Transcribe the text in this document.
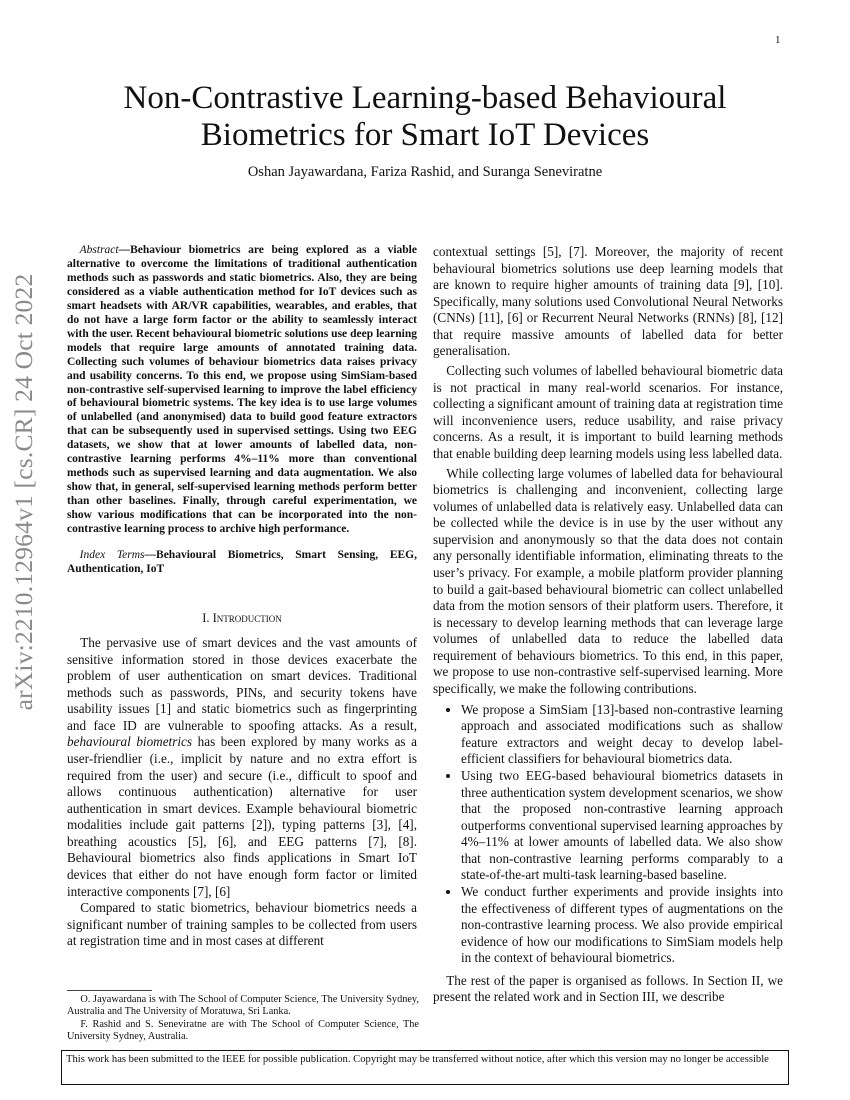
1
arXiv:2210.12964v1 [cs.CR] 24 Oct 2022
Non-Contrastive Learning-based Behavioural
Biometrics for Smart IoT Devices
Oshan Jayawardana, Fariza Rashid, and Suranga Seneviratne

Abstract—Behaviour biometrics are being explored as a viable alternative to overcome the limitations of traditional authentication methods such as passwords and static biometrics. Also, they are being considered as a viable authentication method for IoT devices such as smart headsets with AR/VR capabilities, wearables, and erables, that do not have a large form factor or the ability to seamlessly interact with the user. Recent behavioural biometric solutions use deep learning models that require large amounts of annotated training data. Collecting such volumes of behaviour biometrics data raises privacy and usability concerns. To this end, we propose using SimSiam-based non-contrastive self-supervised learning to improve the label efficiency of behavioural biometric systems. The key idea is to use large volumes of unlabelled (and anonymised) data to build good feature extractors that can be subsequently used in supervised settings. Using two EEG datasets, we show that at lower amounts of labelled data, non-contrastive learning performs 4%–11% more than conventional methods such as supervised learning and data augmentation. We also show that, in general, self-supervised learning methods perform better than other baselines. Finally, through careful experimentation, we show various modifications that can be incorporated into the non-contrastive learning process to archive high performance.

Index Terms—Behavioural Biometrics, Smart Sensing, EEG, Authentication, IoT

I. Introduction

The pervasive use of smart devices and the vast amounts of sensitive information stored in those devices exacerbate the problem of user authentication on smart devices. Traditional methods such as passwords, PINs, and security tokens have usability issues [1] and static biometrics such as fingerprinting and face ID are vulnerable to spoofing attacks. As a result, behavioural biometrics has been explored by many works as a user-friendlier (i.e., implicit by nature and no extra effort is required from the user) and secure (i.e., difficult to spoof and allows continuous authentication) alternative for user authentication in smart devices. Example behavioural biometric modalities include gait patterns [2]), typing patterns [3], [4], breathing acoustics [5], [6], and EEG patterns [7], [8]. Behavioural biometrics also finds applications in Smart IoT devices that either do not have enough form factor or limited interactive components [7], [6]

Compared to static biometrics, behaviour biometrics needs a significant number of training samples to be collected from users at registration time and in most cases at different

contextual settings [5], [7]. Moreover, the majority of recent behavioural biometrics solutions use deep learning models that are known to require higher amounts of training data [9], [10]. Specifically, many solutions used Convolutional Neural Networks (CNNs) [11], [6] or Recurrent Neural Networks (RNNs) [8], [12] that require massive amounts of labelled data for better generalisation.

Collecting such volumes of labelled behavioural biometric data is not practical in many real-world scenarios. For instance, collecting a significant amount of training data at registration time will inconvenience users, reduce usability, and raise privacy concerns. As a result, it is important to build learning methods that enable building deep learning models using less labelled data.

While collecting large volumes of labelled data for behavioural biometrics is challenging and inconvenient, collecting large volumes of unlabelled data is relatively easy. Unlabelled data can be collected while the device is in use by the user without any supervision and anonymously so that the data does not contain any personally identifiable information, eliminating threats to the user’s privacy. For example, a mobile platform provider planning to build a gait-based behavioural biometric can collect unlabelled data from the motion sensors of their platform users. Therefore, it is necessary to develop learning methods that can leverage large volumes of unlabelled data to reduce the labelled data requirement of behaviours biometrics. To this end, in this paper, we propose to use non-contrastive self-supervised learning. More specifically, we make the following contributions.

• We propose a SimSiam [13]-based non-contrastive learning approach and associated modifications such as shallow feature extractors and weight decay to develop label-efficient classifiers for behavioural biometrics data.
• Using two EEG-based behavioural biometrics datasets in three authentication system development scenarios, we show that the proposed non-contrastive learning approach outperforms conventional supervised learning approaches by 4%–11% at lower amounts of labelled data. We also show that non-contrastive learning performs comparably to a state-of-the-art multi-task learning-based baseline.
• We conduct further experiments and provide insights into the effectiveness of different types of augmentations on the non-contrastive learning process. We also provide empirical evidence of how our modifications to SimSiam models help in the context of behavioural biometrics.

The rest of the paper is organised as follows. In Section II, we present the related work and in Section III, we describe

O. Jayawardana is with The School of Computer Science, The University Sydney, Australia and The University of Moratuwa, Sri Lanka.

F. Rashid and S. Seneviratne are with The School of Computer Science, The University Sydney, Australia.

This work has been submitted to the IEEE for possible publication. Copyright may be transferred without notice, after which this version may no longer be accessible
